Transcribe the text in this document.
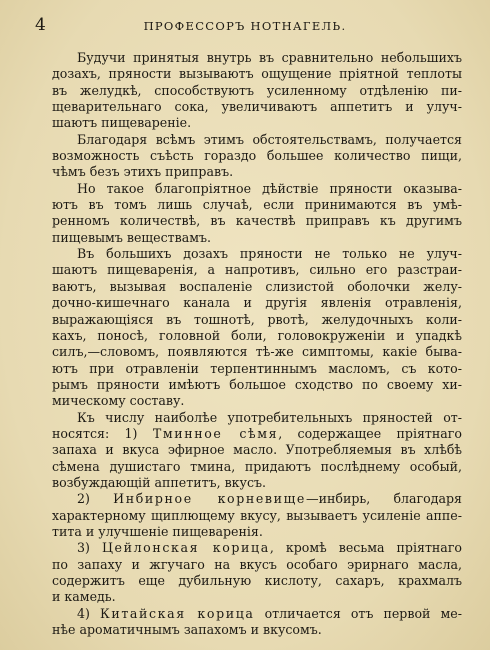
4	ПРОФЕССОРЪ НОТНАГЕЛЬ.
Будучи принятыя внутрь въ сравнительно небольшихъ
дозахъ, пряности вызываютъ ощущение пріятной теплоты
въ желудкѣ, способствуютъ усиленному отдѣленію пи-
щеварительнаго сока, увеличиваютъ аппетитъ и улуч-
шаютъ пищевареніе.
Благодаря всѣмъ этимъ обстоятельствамъ, получается
возможность съѣсть гораздо большее количество пищи,
чѣмъ безъ этихъ приправъ.
Но такое благопріятное дѣйствіе пряности оказыва-
ютъ въ томъ лишь случаѣ, если принимаются въ умѣ-
ренномъ количествѣ, въ качествѣ приправъ къ другимъ
пищевымъ веществамъ.
Въ большихъ дозахъ пряности не только не улуч-
шаютъ пищеваренія, а напротивъ, сильно его разстраи-
ваютъ, вызывая воспаленіе слизистой оболочки желу-
дочно-кишечнаго канала и другія явленія отравленія,
выражающіяся въ тошнотѣ, рвотѣ, желудочныхъ коли-
кахъ, поносѣ, головной боли, головокруженіи и упадкѣ
силъ,—словомъ, появляются тѣ-же симптомы, какіе быва-
ютъ при отравленіи терпентиннымъ масломъ, съ кото-
рымъ пряности имѣютъ большое сходство по своему хи-
мическому составу.
Къ числу наиболѣе употребительныхъ пряностей от-
носятся: 1) Тминное сѣмя, содержащее пріятнаго
запаха и вкуса эфирное масло. Употребляемыя въ хлѣбѣ
сѣмена душистаго тмина, придаютъ послѣднему особый,
возбуждающій аппетитъ, вкусъ.
2) Инбирное корневище—инбирь, благодаря
характерному щиплющему вкусу, вызываетъ усиленіе аппе-
тита и улучшеніе пищеваренія.
3) Цейлонская корица, кромѣ весьма пріятнаго
по запаху и жгучаго на вкусъ особаго эрирнаго масла,
содержитъ еще дубильную кислоту, сахаръ, крахмалъ
и камедь.
4) Китайская корица отличается отъ первой ме-
нѣе ароматичнымъ запахомъ и вкусомъ.
